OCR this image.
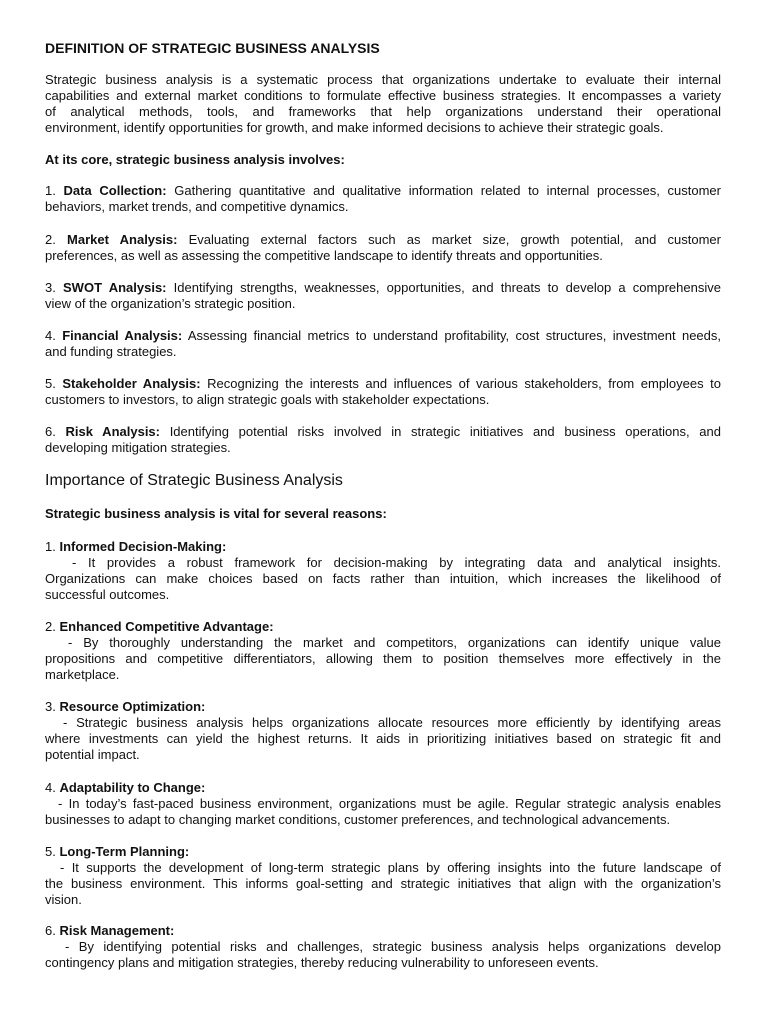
DEFINITION OF STRATEGIC BUSINESS ANALYSIS
Strategic business analysis is a systematic process that organizations undertake to evaluate their internal
capabilities and external market conditions to formulate effective business strategies. It encompasses a variety
of analytical methods, tools, and frameworks that help organizations understand their operational
environment, identify opportunities for growth, and make informed decisions to achieve their strategic goals.
At its core, strategic business analysis involves:
1. Data Collection: Gathering quantitative and qualitative information related to internal processes, customer
behaviors, market trends, and competitive dynamics.
2. Market Analysis: Evaluating external factors such as market size, growth potential, and customer
preferences, as well as assessing the competitive landscape to identify threats and opportunities.
3. SWOT Analysis: Identifying strengths, weaknesses, opportunities, and threats to develop a comprehensive
view of the organization’s strategic position.
4. Financial Analysis: Assessing financial metrics to understand profitability, cost structures, investment needs,
and funding strategies.
5. Stakeholder Analysis: Recognizing the interests and influences of various stakeholders, from employees to
customers to investors, to align strategic goals with stakeholder expectations.
6. Risk Analysis: Identifying potential risks involved in strategic initiatives and business operations, and
developing mitigation strategies.
Importance of Strategic Business Analysis
Strategic business analysis is vital for several reasons:
1. Informed Decision-Making:
- It provides a robust framework for decision-making by integrating data and analytical insights.
Organizations can make choices based on facts rather than intuition, which increases the likelihood of
successful outcomes.
2. Enhanced Competitive Advantage:
- By thoroughly understanding the market and competitors, organizations can identify unique value
propositions and competitive differentiators, allowing them to position themselves more effectively in the
marketplace.
3. Resource Optimization:
- Strategic business analysis helps organizations allocate resources more efficiently by identifying areas
where investments can yield the highest returns. It aids in prioritizing initiatives based on strategic fit and
potential impact.
4. Adaptability to Change:
- In today’s fast-paced business environment, organizations must be agile. Regular strategic analysis enables
businesses to adapt to changing market conditions, customer preferences, and technological advancements.
5. Long-Term Planning:
- It supports the development of long-term strategic plans by offering insights into the future landscape of
the business environment. This informs goal-setting and strategic initiatives that align with the organization’s
vision.
6. Risk Management:
- By identifying potential risks and challenges, strategic business analysis helps organizations develop
contingency plans and mitigation strategies, thereby reducing vulnerability to unforeseen events.
